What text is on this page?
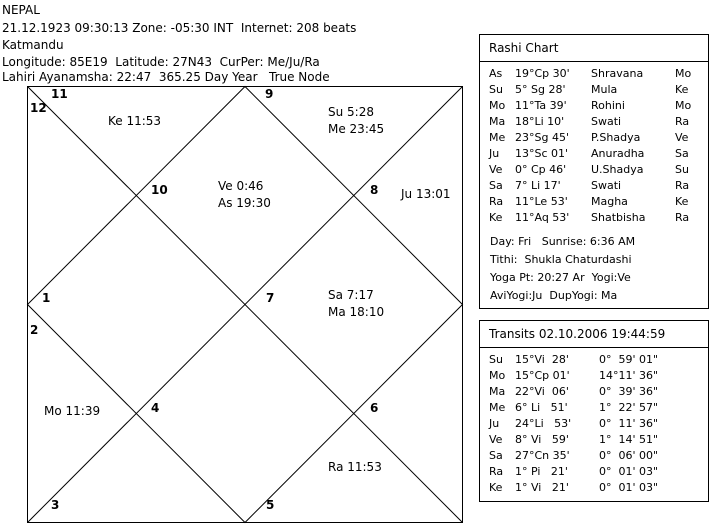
NEPAL
21.12.1923 09:30:13 Zone: -05:30 INT  Internet: 208 beats
Katmandu
Longitude: 85E19  Latitude: 27N43  CurPer: Me/Ju/Ra
Lahiri Ayanamsha: 22:47  365.25 Day Year   True Node
11
12
9
10	8
1	7
2
4	6
3	5
Ke 11:53
Su 5:28
Me 23:45
Ve 0:46
As 19:30
Ju 13:01
Sa 7:17
Ma 18:10
Mo 11:39
Ra 11:53
Rashi Chart
As	19°Cp 30'	Shravana	Mo
Su	5° Sg 28'	Mula	Ke
Mo	11°Ta 39'	Rohini	Mo
Ma	18°Li 10'	Swati	Ra
Me	23°Sg 45'	P.Shadya	Ve
Ju	13°Sc 01'	Anuradha	Sa
Ve	0° Cp 46'	U.Shadya	Su
Sa	7° Li 17'	Swati	Ra
Ra	11°Le 53'	Magha	Ke
Ke	11°Aq 53'	Shatbisha	Ra
Day: Fri   Sunrise: 6:36 AM
Tithi:  Shukla Chaturdashi
Yoga Pt: 20:27 Ar  Yogi:Ve
AviYogi:Ju  DupYogi: Ma
Transits 02.10.2006 19:44:59
Su	15°Vi  28'	0°  59' 01"
Mo	15°Cp 01'	14°11' 36"
Ma	22°Vi  06'	0°  39' 36"
Me	6° Li   51'	1°  22' 57"
Ju	24°Li   53'	0°  11' 36"
Ve	8° Vi   59'	1°  14' 51"
Sa	27°Cn 35'	0°  06' 00"
Ra	1° Pi   21'	0°  01' 03"
Ke	1° Vi   21'	0°  01' 03"
